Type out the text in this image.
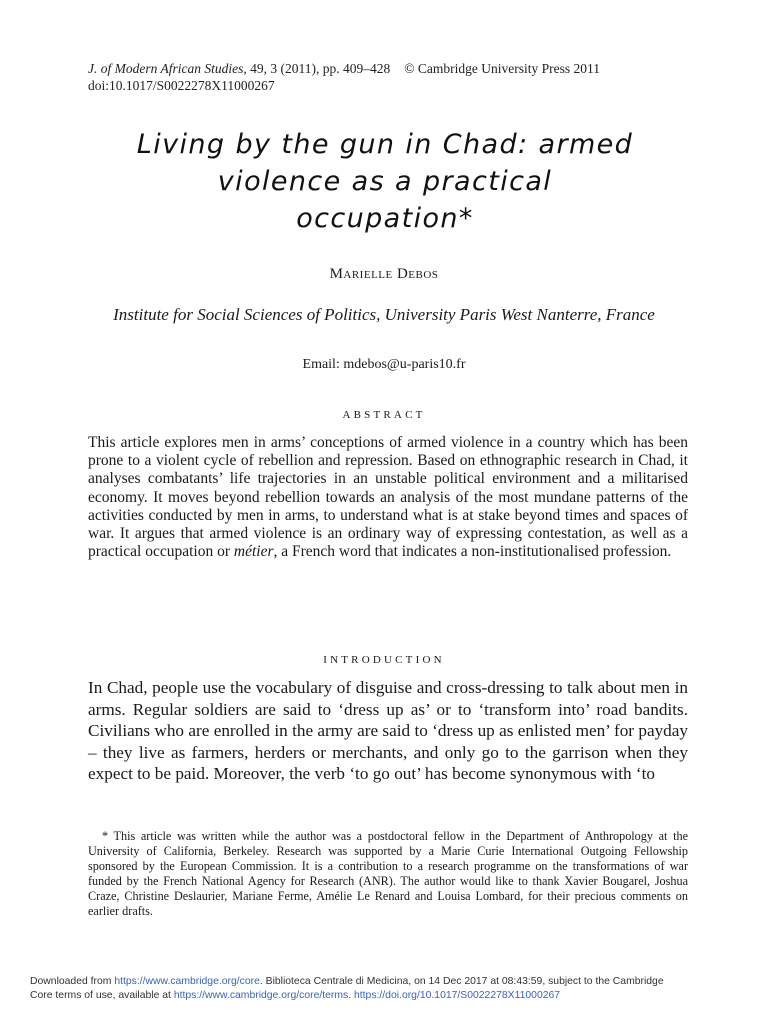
J. of Modern African Studies, 49, 3 (2011), pp. 409–428 © Cambridge University Press 2011
doi:10.1017/S0022278X11000267
Living by the gun in Chad: armed
violence as a practical
occupation*
Marielle Debos
Institute for Social Sciences of Politics, University Paris West Nanterre, France
Email: mdebos@u-paris10.fr
ABSTRACT

This article explores men in arms’ conceptions of armed violence in a country which has been prone to a violent cycle of rebellion and repression. Based on ethnographic research in Chad, it analyses combatants’ life trajectories in an unstable political environment and a militarised economy. It moves beyond rebellion towards an analysis of the most mundane patterns of the activities conducted by men in arms, to understand what is at stake beyond times and spaces of war. It argues that armed violence is an ordinary way of expressing contestation, as well as a practical occupation or métier, a French word that indicates a non-institutionalised profession.

INTRODUCTION

In Chad, people use the vocabulary of disguise and cross-dressing to talk about men in arms. Regular soldiers are said to ‘dress up as’ or to ‘transform into’ road bandits. Civilians who are enrolled in the army are said to ‘dress up as enlisted men’ for payday – they live as farmers, herders or merchants, and only go to the garrison when they expect to be paid. Moreover, the verb ‘to go out’ has become synonymous with ‘to

* This article was written while the author was a postdoctoral fellow in the Department of Anthropology at the University of California, Berkeley. Research was supported by a Marie Curie International Outgoing Fellowship sponsored by the European Commission. It is a contribution to a research programme on the transformations of war funded by the French National Agency for Research (ANR). The author would like to thank Xavier Bougarel, Joshua Craze, Christine Deslaurier, Mariane Ferme, Amélie Le Renard and Louisa Lombard, for their precious comments on earlier drafts.

Downloaded from https://www.cambridge.org/core. Biblioteca Centrale di Medicina, on 14 Dec 2017 at 08:43:59, subject to the Cambridge

Core terms of use, available at https://www.cambridge.org/core/terms. https://doi.org/10.1017/S0022278X11000267
